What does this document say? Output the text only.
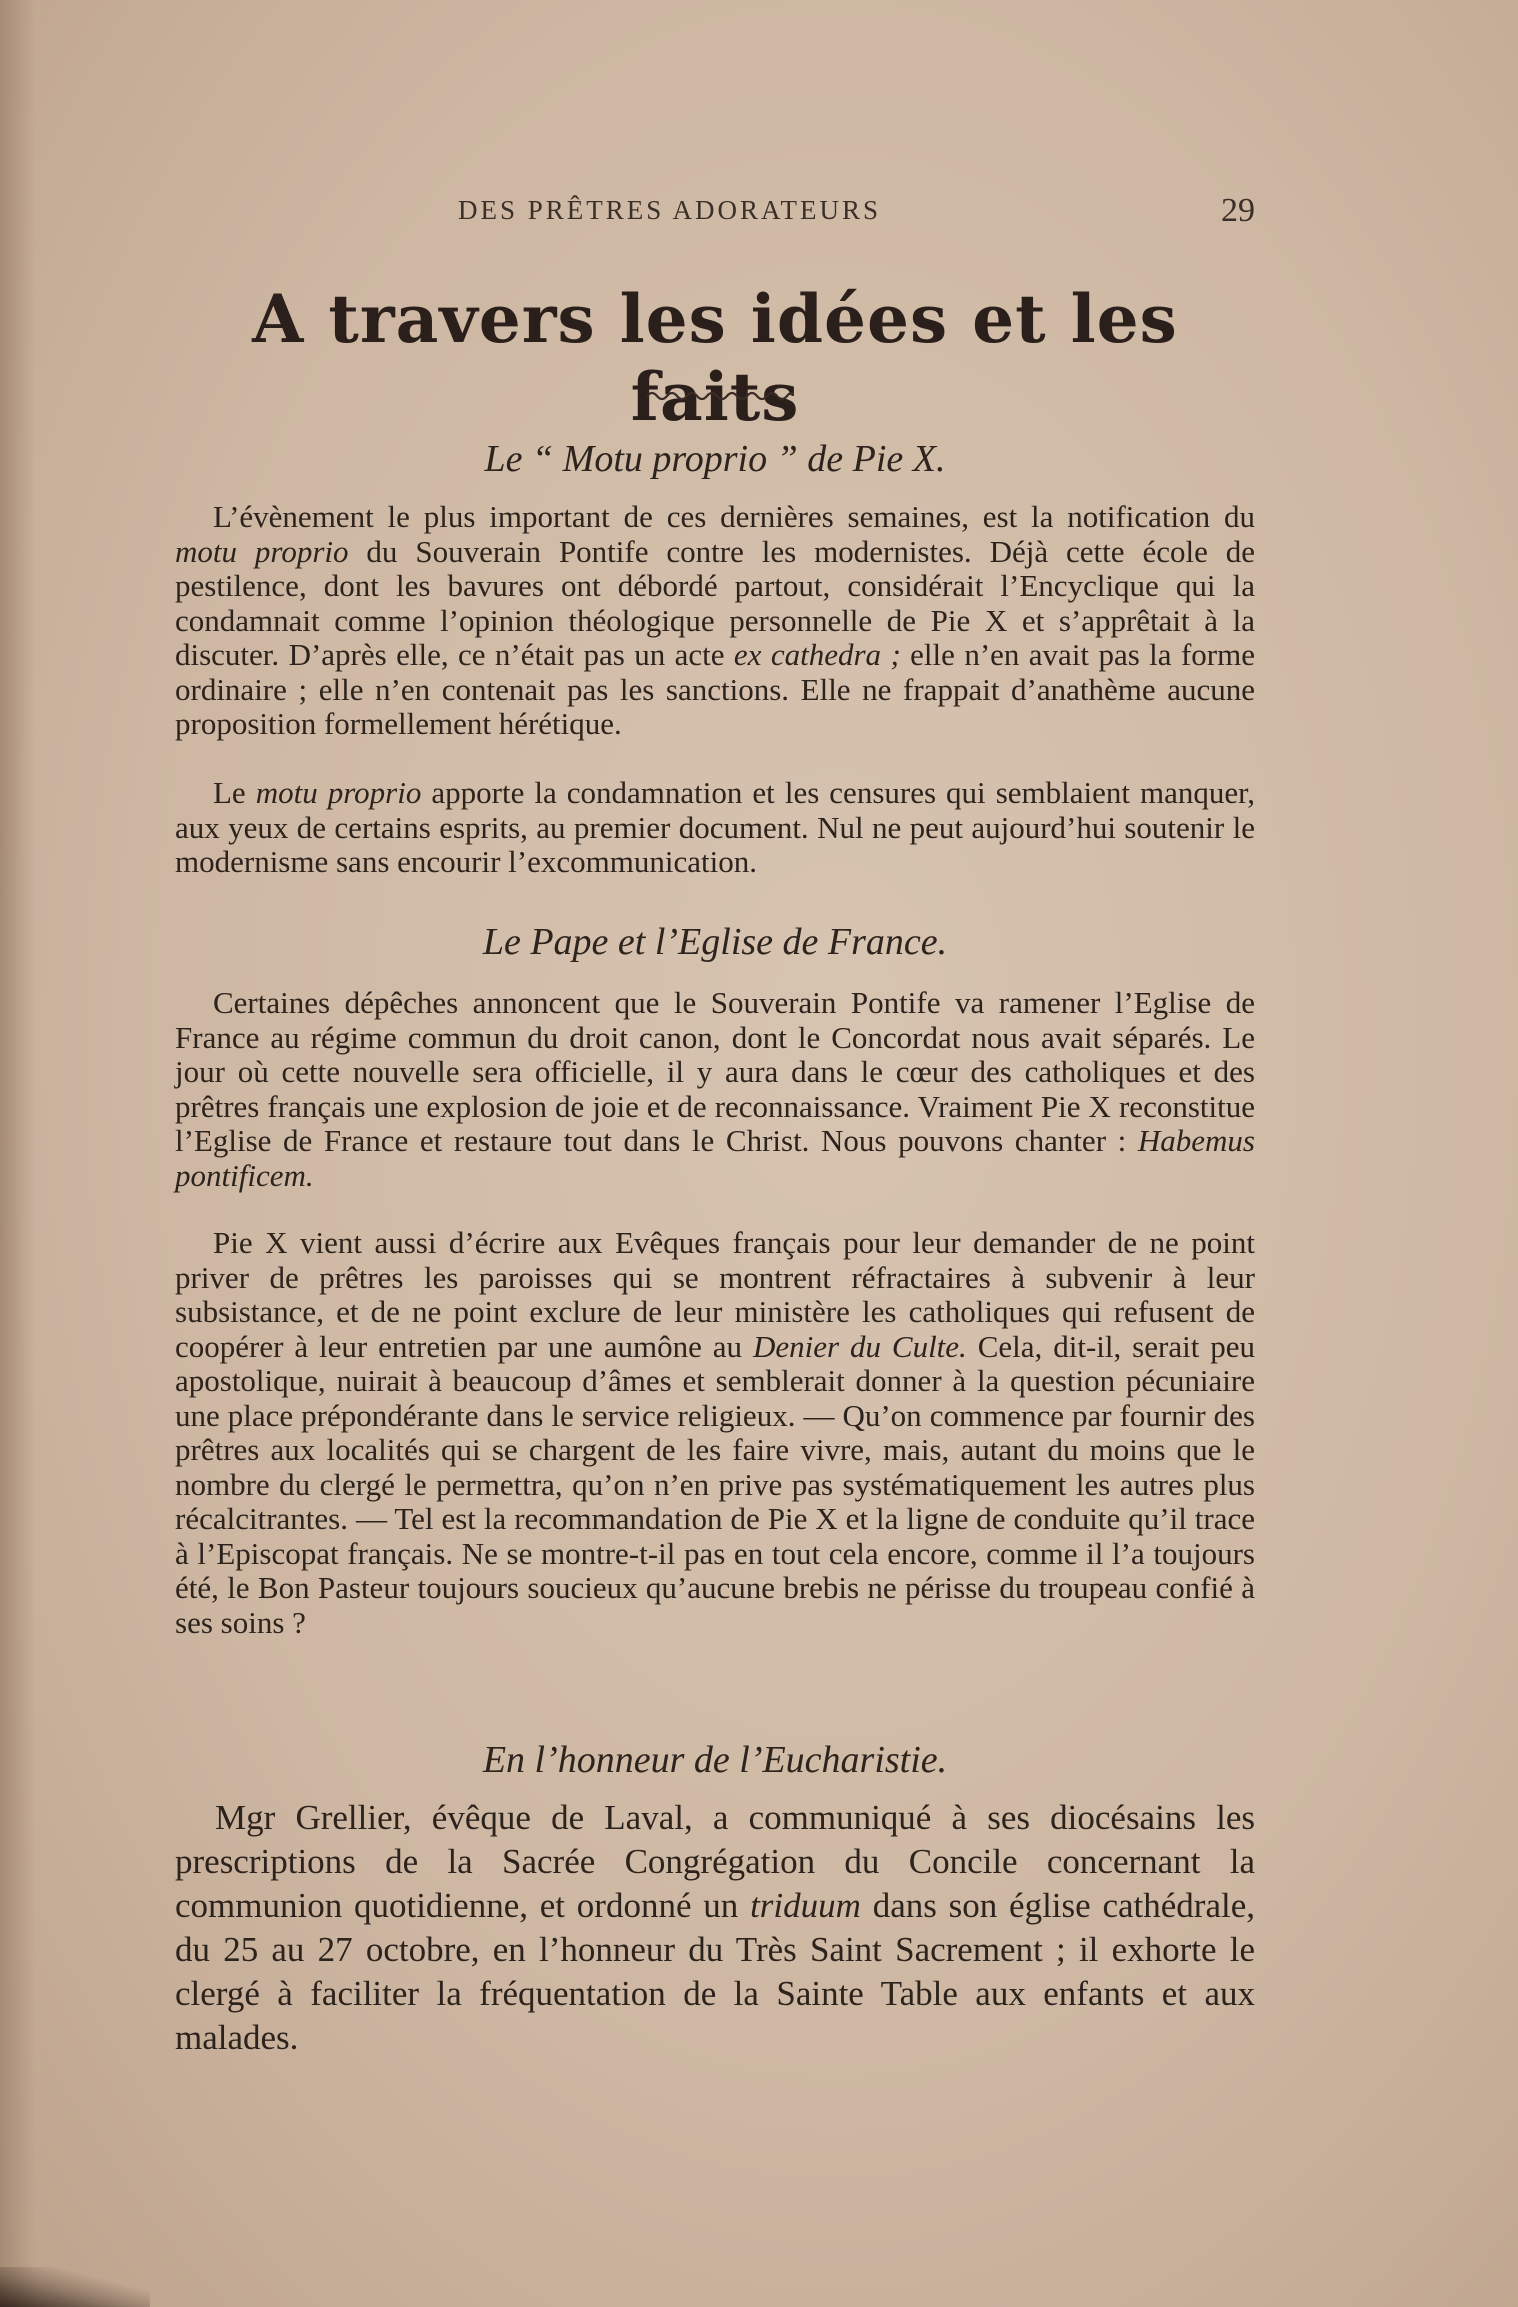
DES PRÊTRES ADORATEURS	29
A travers les idées et les faits
Le “ Motu proprio ” de Pie X.

L’évènement le plus important de ces dernières semaines, est la notification du motu proprio du Souverain Pontife contre les modernistes. Déjà cette école de pestilence, dont les bavures ont débordé partout, considérait l’Encyclique qui la condamnait comme l’opinion théologique personnelle de Pie X et s’apprêtait à la discuter. D’après elle, ce n’était pas un acte ex cathedra ; elle n’en avait pas la forme ordinaire ; elle n’en contenait pas les sanctions. Elle ne frappait d’anathème aucune proposition formellement hérétique.

Le motu proprio apporte la condamnation et les censures qui semblaient manquer, aux yeux de certains esprits, au premier document. Nul ne peut aujourd’hui soutenir le modernisme sans encourir l’excommunication.

Le Pape et l’Eglise de France.

Certaines dépêches annoncent que le Souverain Pontife va ramener l’Eglise de France au régime commun du droit canon, dont le Concordat nous avait séparés. Le jour où cette nouvelle sera officielle, il y aura dans le cœur des catholiques et des prêtres français une explosion de joie et de reconnaissance. Vraiment Pie X reconstitue l’Eglise de France et restaure tout dans le Christ. Nous pouvons chanter : Habemus pontificem.

Pie X vient aussi d’écrire aux Evêques français pour leur demander de ne point priver de prêtres les paroisses qui se montrent réfractaires à subvenir à leur subsistance, et de ne point exclure de leur ministère les catholiques qui refusent de coopérer à leur entretien par une aumône au Denier du Culte. Cela, dit-il, serait peu apostolique, nuirait à beaucoup d’âmes et semblerait donner à la question pécuniaire une place prépondérante dans le service religieux. — Qu’on commence par fournir des prêtres aux localités qui se chargent de les faire vivre, mais, autant du moins que le nombre du clergé le permettra, qu’on n’en prive pas systématiquement les autres plus récalcitrantes. — Tel est la recommandation de Pie X et la ligne de conduite qu’il trace à l’Episcopat français. Ne se montre-t-il pas en tout cela encore, comme il l’a toujours été, le Bon Pasteur toujours soucieux qu’aucune brebis ne périsse du troupeau confié à ses soins ?

En l’honneur de l’Eucharistie.

Mgr Grellier, évêque de Laval, a communiqué à ses diocésains les prescriptions de la Sacrée Congrégation du Concile concernant la communion quotidienne, et ordonné un triduum dans son église cathédrale, du 25 au 27 octobre, en l’honneur du Très Saint Sacrement ; il exhorte le clergé à faciliter la fréquentation de la Sainte Table aux enfants et aux malades.
